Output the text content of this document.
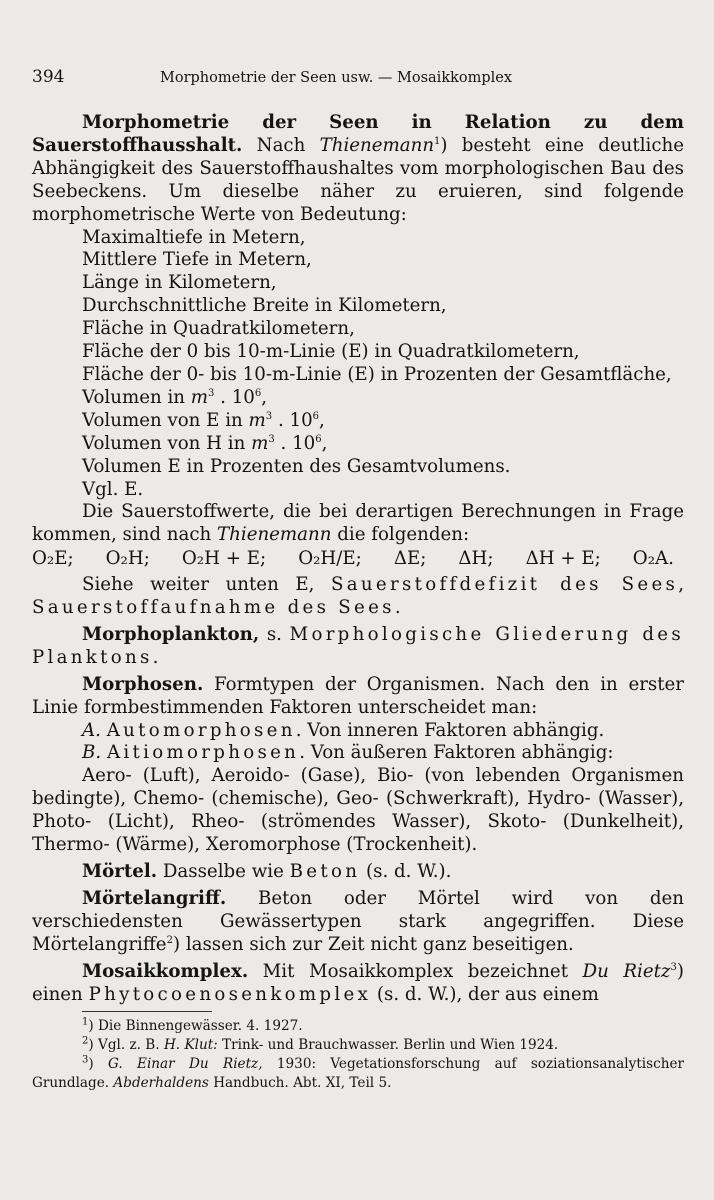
394	Morphometrie der Seen usw. — Mosaikkomplex

Morphometrie der Seen in Relation zu dem Sauerstoffhausshalt. Nach Thienemann$^1$) besteht eine deutliche Abhängigkeit des Sauerstoffhaushaltes vom morphologischen Bau des Seebeckens. Um dieselbe näher zu eruieren, sind folgende morphometrische Werte von Bedeutung:

Maximaltiefe in Metern,
Mittlere Tiefe in Metern,
Länge in Kilometern,
Durchschnittliche Breite in Kilometern,
Fläche in Quadratkilometern,
Fläche der 0 bis 10-m-Linie (E) in Quadratkilometern,
Fläche der 0- bis 10-m-Linie (E) in Prozenten der Gesamtfläche,
Volumen in $m^3$ . $10^6$,
Volumen von E in $m^3$ . $10^6$,
Volumen von H in $m^3$ . $10^6$,
Volumen E in Prozenten des Gesamtvolumens.
Vgl. E.

Die Sauerstoffwerte, die bei derartigen Berechnungen in Frage kommen, sind nach Thienemann die folgenden:

O₂E; O₂H; O₂H + E; O₂H/E; ΔE; ΔH; ΔH + E; O₂A.

Siehe weiter unten E, Sauerstoffdefizit des Sees, Sauerstoffaufnahme des Sees.

Morphoplankton, s. Morphologische Gliederung des Planktons.

Morphosen. Formtypen der Organismen. Nach den in erster Linie formbestimmenden Faktoren unterscheidet man:

A. Automorphosen. Von inneren Faktoren abhängig.

B. Aitiomorphosen. Von äußeren Faktoren abhängig:

Aero- (Luft), Aeroido- (Gase), Bio- (von lebenden Organismen bedingte), Chemo- (chemische), Geo- (Schwerkraft), Hydro- (Wasser), Photo- (Licht), Rheo- (strömendes Wasser), Skoto- (Dunkelheit), Thermo- (Wärme), Xeromorphose (Trockenheit).

Mörtel. Dasselbe wie Beton (s. d. W.).

Mörtelangriff. Beton oder Mörtel wird von den verschiedensten Gewässertypen stark angegriffen. Diese Mörtelangriffe$^2$) lassen sich zur Zeit nicht ganz beseitigen.

Mosaikkomplex. Mit Mosaikkomplex bezeichnet Du Rietz$^3$) einen Phytocoenosenkomplex (s. d. W.), der aus einem

$^1$) Die Binnengewässer. 4. 1927.

$^2$) Vgl. z. B. H. Klut: Trink- und Brauchwasser. Berlin und Wien 1924.

$^3$) G. Einar Du Rietz, 1930: Vegetationsforschung auf soziationsanalytischer Grundlage. Abderhaldens Handbuch. Abt. XI, Teil 5.
